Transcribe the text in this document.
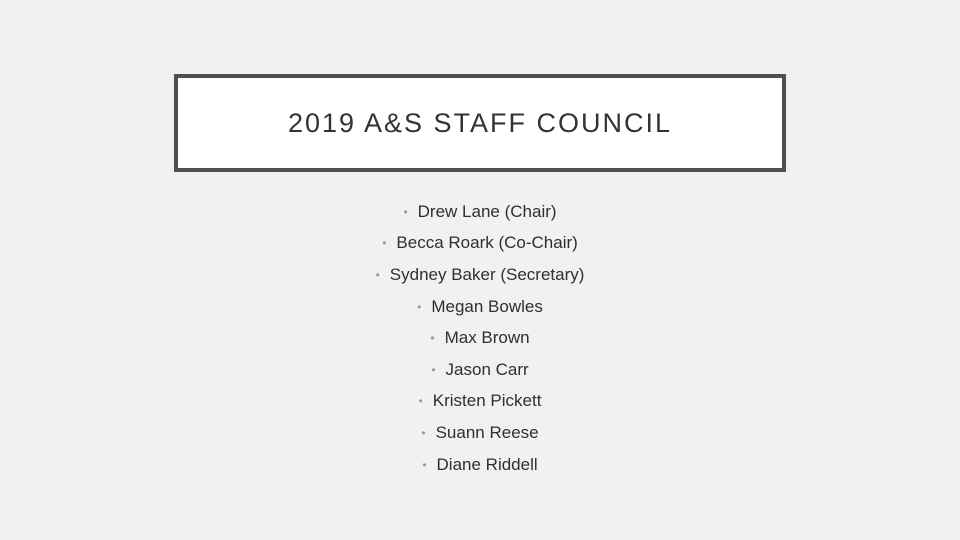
2019 A&S STAFF COUNCIL
• Drew Lane (Chair)
• Becca Roark (Co-Chair)
• Sydney Baker (Secretary)
• Megan Bowles
• Max Brown
• Jason Carr
• Kristen Pickett
• Suann Reese
• Diane Riddell
